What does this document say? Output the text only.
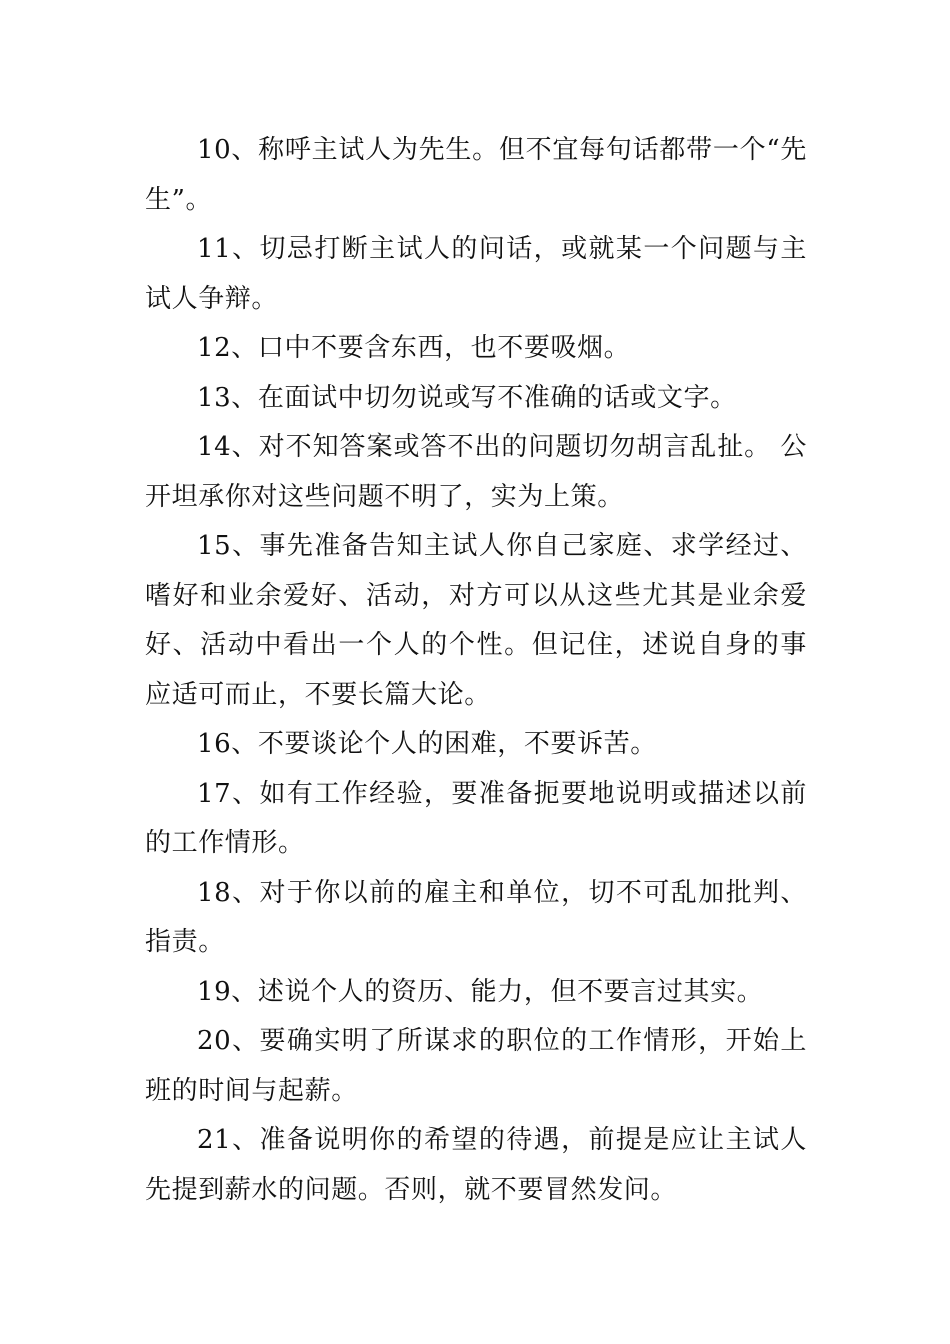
10、称呼主试人为先生。但不宜每句话都带一个“先生”。

11、切忌打断主试人的问话，或就某一个问题与主试人争辩。

12、口中不要含东西，也不要吸烟。

13、在面试中切勿说或写不准确的话或文字。

14、对不知答案或答不出的问题切勿胡言乱扯。 公开坦承你对这些问题不明了，实为上策。

15、事先准备告知主试人你自己家庭、求学经过、嗜好和业余爱好、活动，对方可以从这些尤其是业余爱好、活动中看出一个人的个性。但记住，述说自身的事应适可而止，不要长篇大论。

16、不要谈论个人的困难，不要诉苦。

17、如有工作经验，要准备扼要地说明或描述以前的工作情形。

18、对于你以前的雇主和单位，切不可乱加批判、指责。

19、述说个人的资历、能力，但不要言过其实。

20、要确实明了所谋求的职位的工作情形，开始上班的时间与起薪。

21、准备说明你的希望的待遇，前提是应让主试人先提到薪水的问题。否则，就不要冒然发问。
